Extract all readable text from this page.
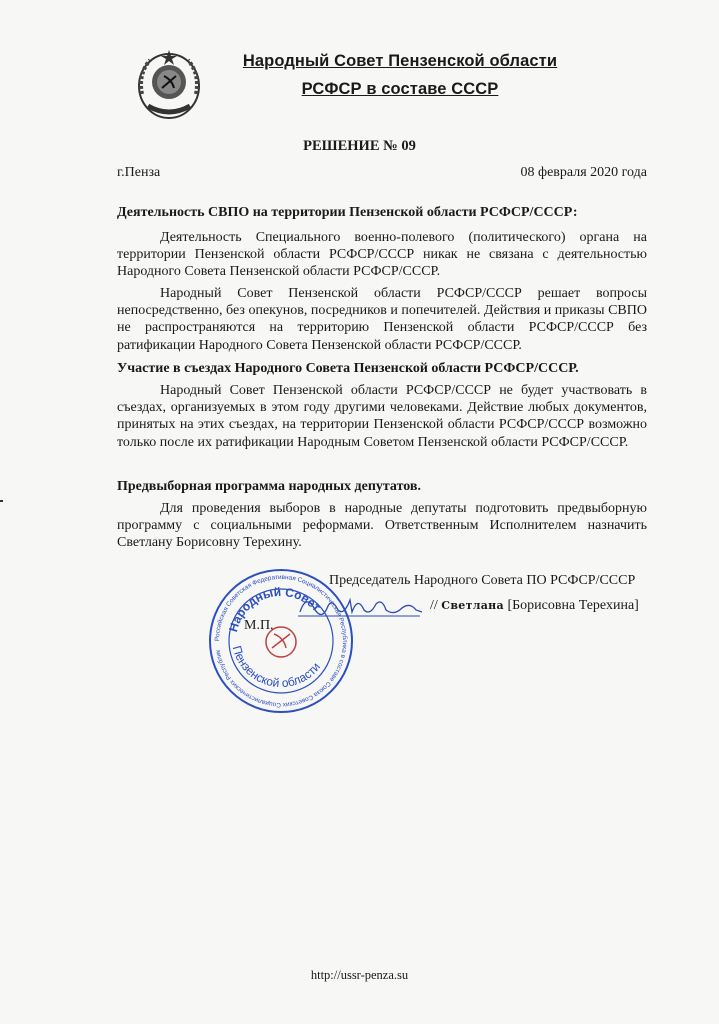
Народный Совет Пензенской области
РСФСР в составе СССР
РЕШЕНИЕ № 09
г.Пенза	08 февраля 2020 года
Деятельность СВПО на территории Пензенской области РСФСР/СССР:
Деятельность Специального военно-полевого (политического) органа на территории Пензенской области РСФСР/СССР никак не связана с деятельностью Народного Совета Пензенской области РСФСР/СССР.
Народный Совет Пензенской области РСФСР/СССР решает вопросы непосредственно, без опекунов, посредников и попечителей. Действия и приказы СВПО не распространяются на территорию Пензенской области РСФСР/СССР без ратификации Народного Совета Пензенской области РСФСР/СССР.
Участие в съездах Народного Совета Пензенской области РСФСР/СССР.
Народный Совет Пензенской области РСФСР/СССР не будет участвовать в съездах, организуемых в этом году другими человеками. Действие любых документов, принятых на этих съездах, на территории Пензенской области РСФСР/СССР возможно только после их ратификации Народным Советом Пензенской области РСФСР/СССР.
Предвыборная программа народных депутатов.
Для проведения выборов в народные депутаты подготовить предвыборную программу с социальными реформами. Ответственным Исполнителем назначить Светлану Борисовну Терехину.
Председатель Народного Совета ПО РСФСР/СССР
// Светлана [Борисовна Терехина]
М.П.
Российская Советская Федеративная Социалистическая Республика в составе Союза Советских Социалистических Республик
Народный Совет
Пензенской области
http://ussr-penza.su
